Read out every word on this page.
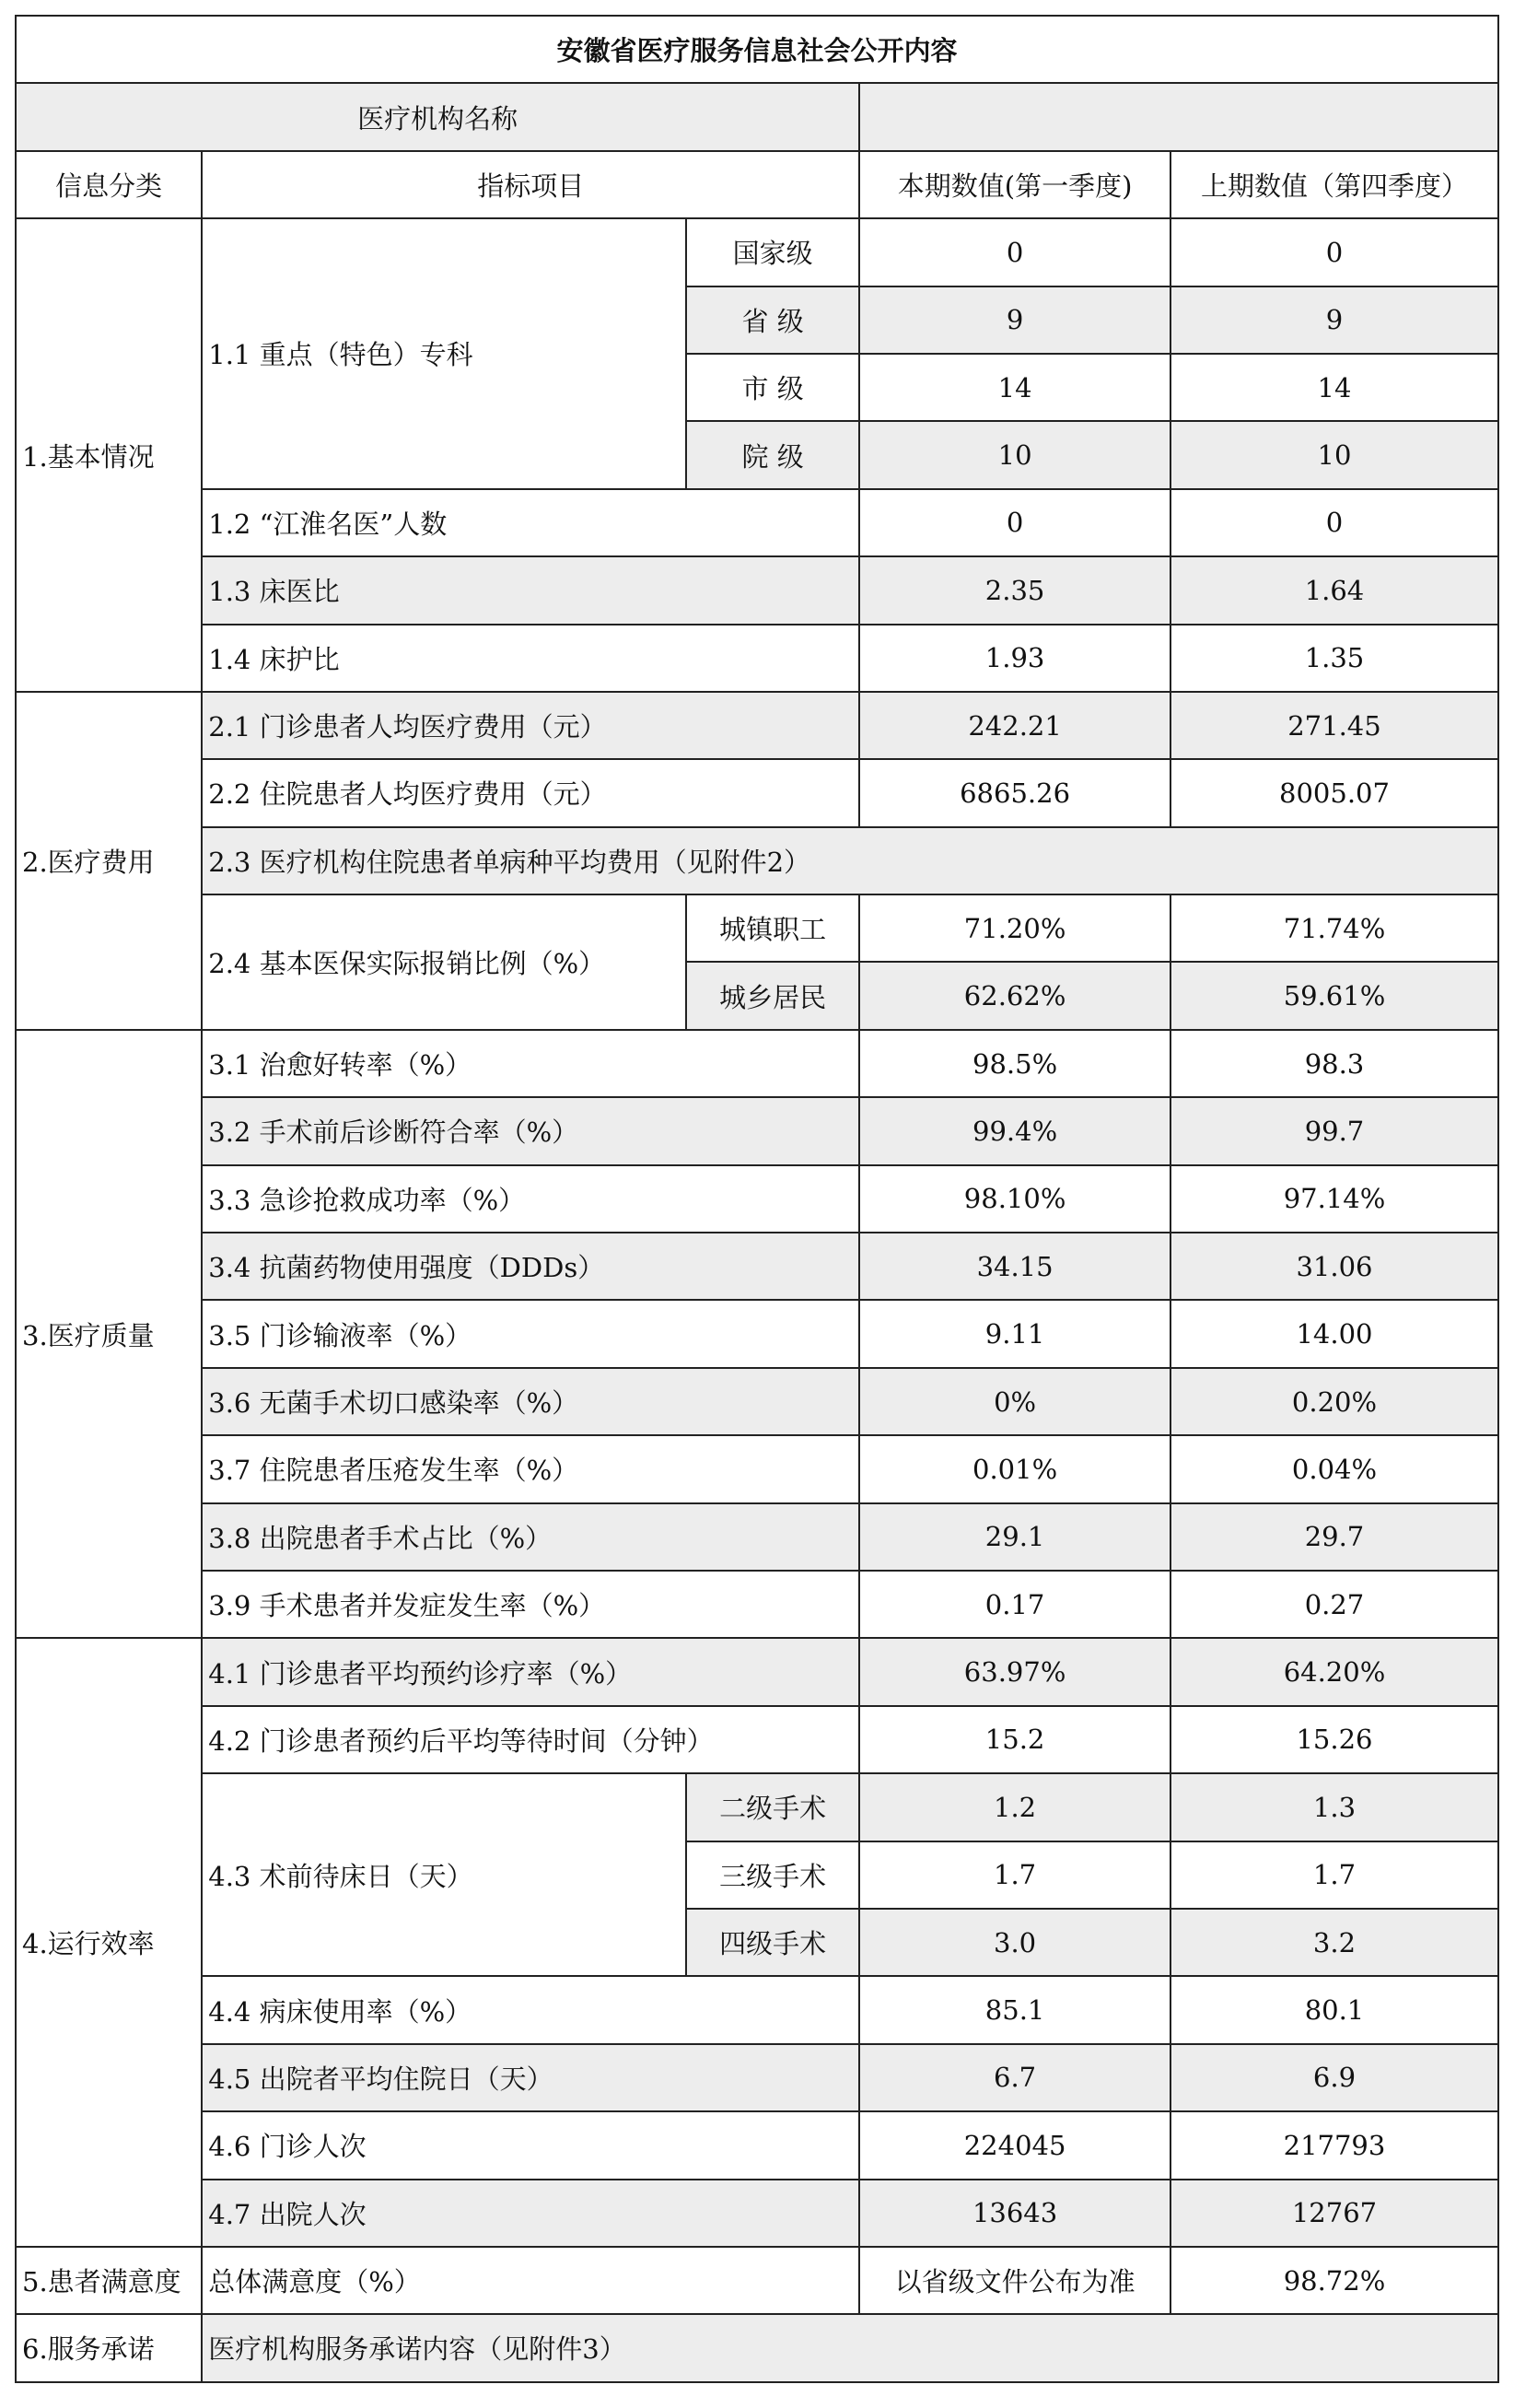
安徽省医疗服务信息社会公开内容				
医疗机构名称				
信息分类	指标项目		本期数值(第一季度)	上期数值（第四季度）
1.基本情况	1.1 重点（特色）专科	国家级	0	0
		省 级	9	9
		市 级	14	14
		院 级	10	10
	1.2 “江淮名医”人数		0	0
	1.3 床医比		2.35	1.64
	1.4 床护比		1.93	1.35
2.医疗费用	2.1 门诊患者人均医疗费用（元）		242.21	271.45
	2.2 住院患者人均医疗费用（元）		6865.26	8005.07
	2.3 医疗机构住院患者单病种平均费用（见附件2）			
	2.4 基本医保实际报销比例（%）	城镇职工	71.20%	71.74%
		城乡居民	62.62%	59.61%
3.医疗质量	3.1 治愈好转率（%）		98.5%	98.3
	3.2 手术前后诊断符合率（%）		99.4%	99.7
	3.3 急诊抢救成功率（%）		98.10%	97.14%
	3.4 抗菌药物使用强度（DDDs）		34.15	31.06
	3.5 门诊输液率（%）		9.11	14.00
	3.6 无菌手术切口感染率（%）		0%	0.20%
	3.7 住院患者压疮发生率（%）		0.01%	0.04%
	3.8 出院患者手术占比（%）		29.1	29.7
	3.9 手术患者并发症发生率（%）		0.17	0.27
4.运行效率	4.1 门诊患者平均预约诊疗率（%）		63.97%	64.20%
	4.2 门诊患者预约后平均等待时间（分钟）		15.2	15.26
	4.3 术前待床日（天）	二级手术	1.2	1.3
		三级手术	1.7	1.7
		四级手术	3.0	3.2
	4.4 病床使用率（%）		85.1	80.1
	4.5 出院者平均住院日（天）		6.7	6.9
	4.6 门诊人次		224045	217793
	4.7 出院人次		13643	12767
5.患者满意度	总体满意度（%）		以省级文件公布为准	98.72%
6.服务承诺	医疗机构服务承诺内容（见附件3）			
